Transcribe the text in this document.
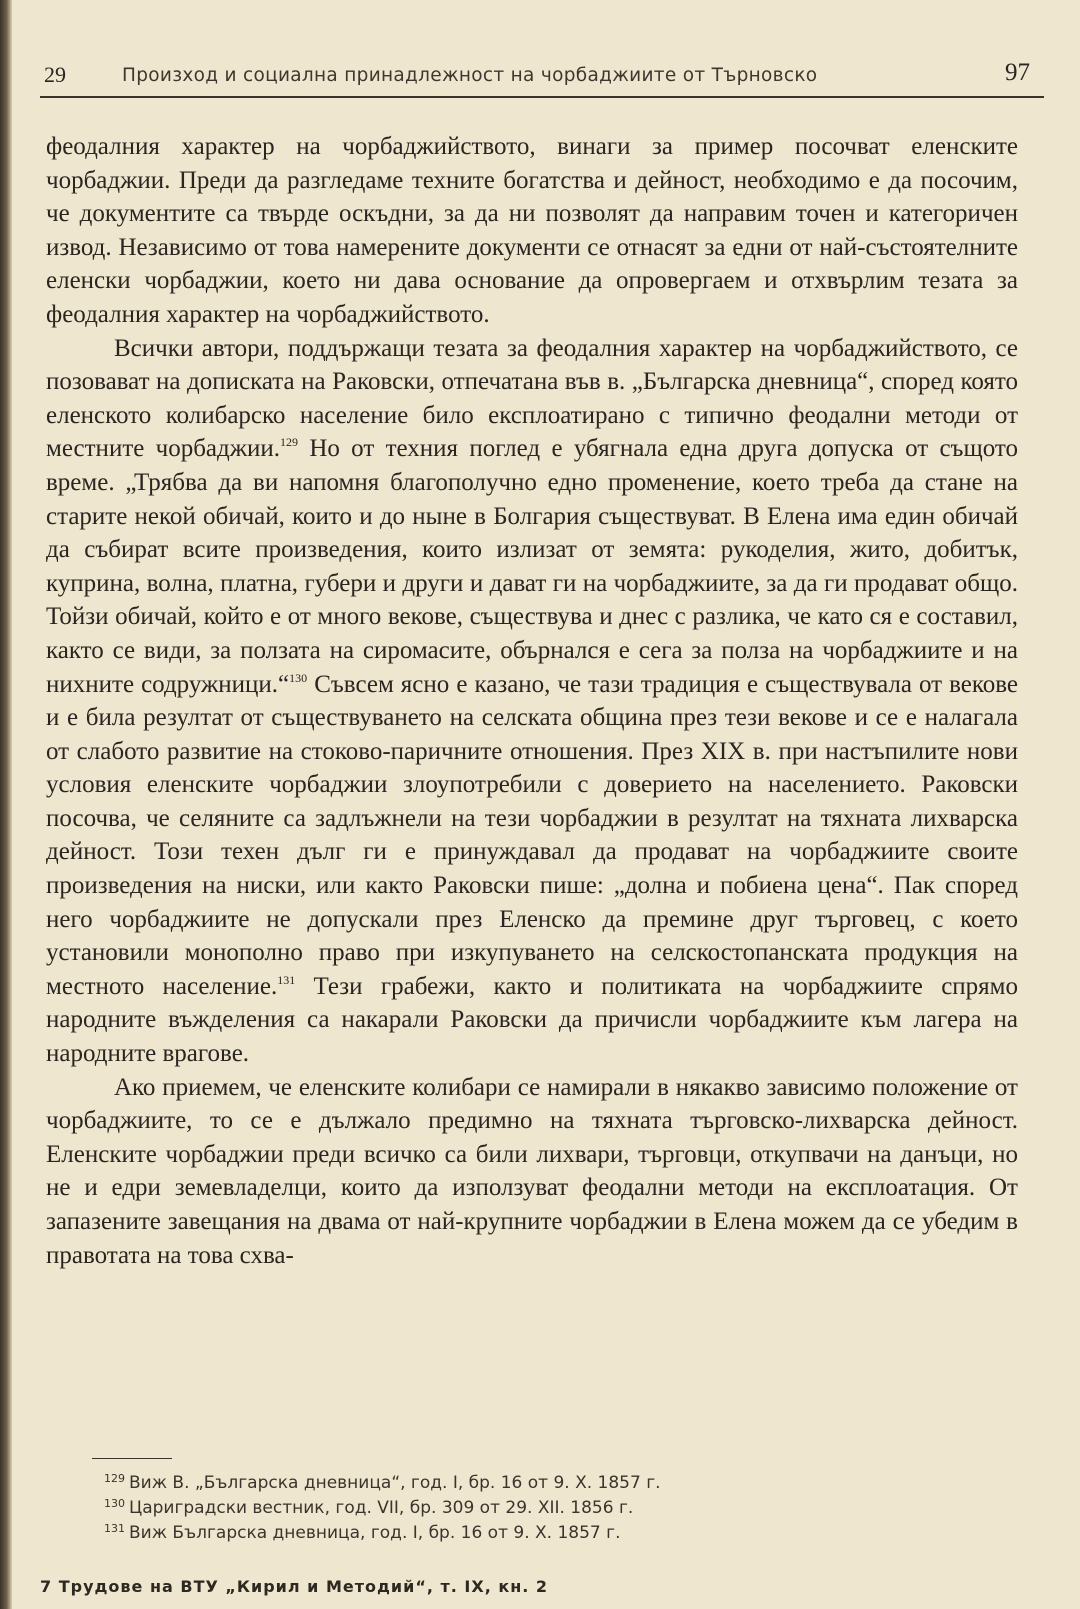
29	Произход и социална принадлежност на чорбаджиите от Търновско	97

феодалния характер на чорбаджийството, винаги за пример посочват еленските чорбаджии. Преди да разгледаме техните богатства и дейност, необходимо е да посочим, че документите са твърде оскъдни, за да ни позволят да направим точен и категоричен извод. Независимо от това намерените документи се отнасят за едни от най-състоятелните еленски чорбаджии, което ни дава основание да опровергаем и отхвърлим тезата за феодалния характер на чорбаджийството.

Всички автори, поддържащи тезата за феодалния характер на чорбаджийството, се позовават на дописката на Раковски, отпечатана във в. „Българска дневница“, според която еленското колибарско население било експлоатирано с типично феодални методи от местните чорбаджии.$^{129}$ Но от техния поглед е убягнала една друга допуска от същото време. „Трябва да ви напомня благополучно едно променение, което треба да стане на старите некой обичай, които и до ныне в Болгария съществуват. В Елена има един обичай да събират всите произведения, които излизат от земята: рукоделия, жито, добитък, куприна, волна, платна, губери и други и дават ги на чорбаджиите, за да ги продават общо. Тойзи обичай, който е от много векове, съществува и днес с разлика, че като ся е составил, както се види, за ползата на сиромасите, обърнался е сега за полза на чорбаджиите и на нихните содружници.“$^{130}$ Съвсем ясно е казано, че тази традиция е съществувала от векове и е била резултат от съществуването на селската община през тези векове и се е налагала от слабото развитие на стоково-паричните отношения. През XIX в. при настъпилите нови условия еленските чорбаджии злоупотребили с доверието на населението. Раковски посочва, че селяните са задлъжнели на тези чорбаджии в резултат на тяхната лихварска дейност. Този техен дълг ги е принуждавал да продават на чорбаджиите своите произведения на ниски, или както Раковски пише: „долна и побиена цена“. Пак според него чорбаджиите не допускали през Еленско да премине друг търговец, с което установили монополно право при изкупуването на селскостопанската продукция на местното население.$^{131}$ Тези грабежи, както и политиката на чорбаджиите спрямо народните въжделения са накарали Раковски да причисли чорбаджиите към лагера на народните врагове.

Ако приемем, че еленските колибари се намирали в някакво зависимо положение от чорбаджиите, то се е дължало предимно на тяхната търговско-лихварска дейност. Еленските чорбаджии преди всичко са били лихвари, търговци, откупвачи на данъци, но не и едри земевладелци, които да използуват феодални методи на експлоатация. От запазените завещания на двама от най-крупните чорбаджии в Елена можем да се убедим в правотата на това схва-

$^{129}$ Виж В. „Българска дневница“, год. I, бр. 16 от 9. X. 1857 г.
$^{130}$ Цариградски вестник, год. VII, бр. 309 от 29. XII. 1856 г.
$^{131}$ Виж Българска дневница, год. I, бр. 16 от 9. X. 1857 г.
7 Трудове на ВТУ „Кирил и Методий“, т. IX, кн. 2
